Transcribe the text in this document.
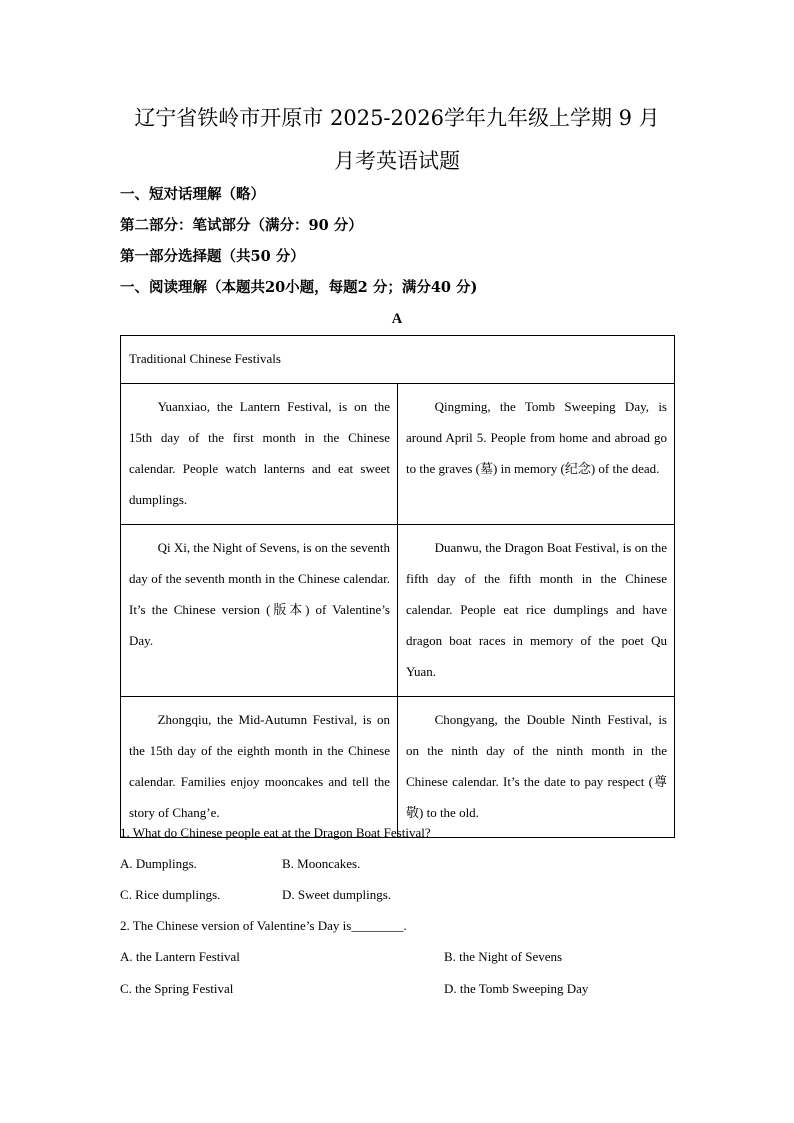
辽宁省铁岭市开原市 2025-2026学年九年级上学期 9 月
月考英语试题
一、短对话理解（略）
第二部分：笔试部分（满分：90 分）
第一部分选择题（共50 分）
一、阅读理解（本题共20小题，每题2 分；满分40 分)
A
Traditional Chinese Festivals	

Yuanxiao, the Lantern Festival, is on the 15th day of the first month in the Chinese calendar. People watch lanterns and eat sweet dumplings.	Qingming, the Tomb Sweeping Day, is around April 5. People from home and abroad go to the graves (墓) in memory (纪念) of the dead.

Qi Xi, the Night of Sevens, is on the seventh day of the seventh month in the Chinese calendar. It’s the Chinese version (版本) of Valentine’s Day.	Duanwu, the Dragon Boat Festival, is on the fifth day of the fifth month in the Chinese calendar. People eat rice dumplings and have dragon boat races in memory of the poet Qu Yuan.

Zhongqiu, the Mid-Autumn Festival, is on the 15th day of the eighth month in the Chinese calendar. Families enjoy mooncakes and tell the story of Chang’e.	Chongyang, the Double Ninth Festival, is on the ninth day of the ninth month in the Chinese calendar. It’s the date to pay respect (尊敬) to the old.

1. What do Chinese people eat at the Dragon Boat Festival?
A. Dumplings.	B. Mooncakes.
C. Rice dumplings.	D. Sweet dumplings.
2. The Chinese version of Valentine’s Day is________.
A. the Lantern Festival	B. the Night of Sevens
C. the Spring Festival	D. the Tomb Sweeping Day
